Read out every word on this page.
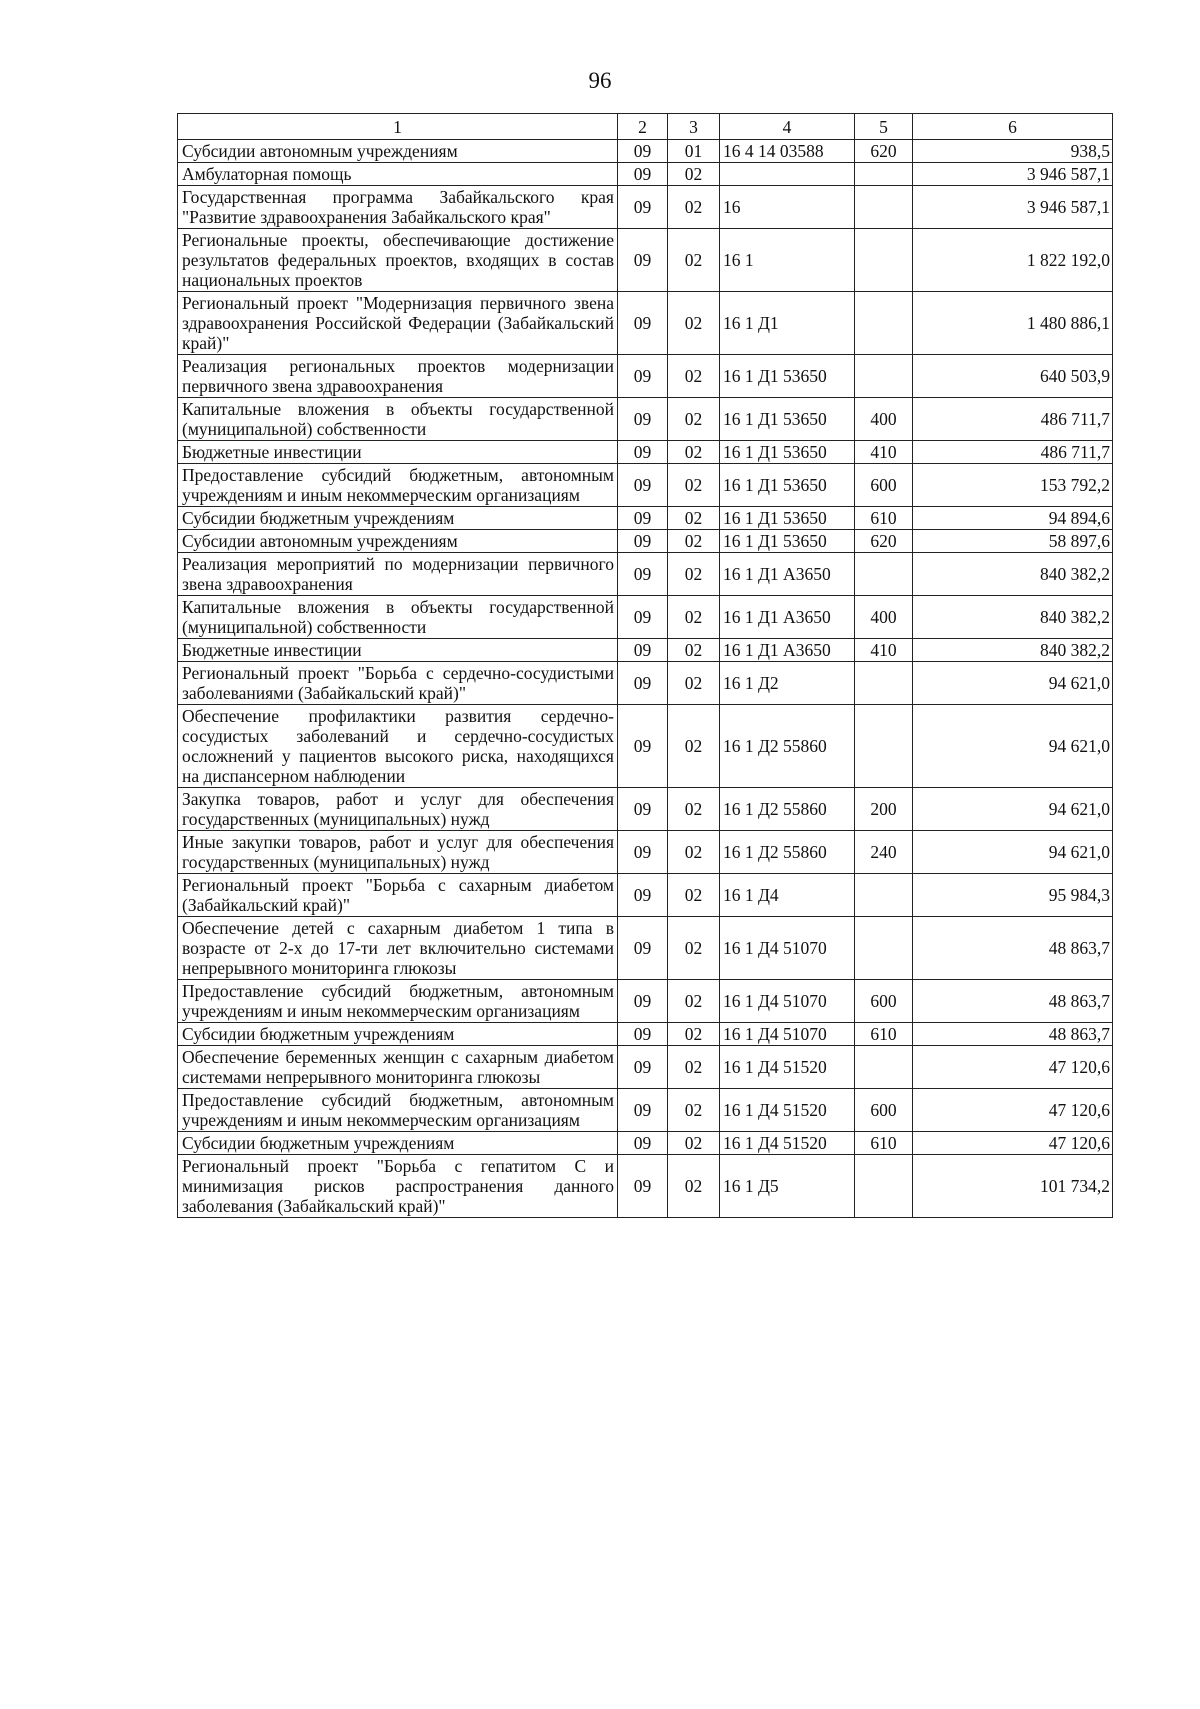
96
1	2	3	4	5	6
Субсидии автономным учреждениям	09	01	16 4 14 03588	620	938,5
Амбулаторная помощь	09	02			3 946 587,1
Государственная программа Забайкальского края "Развитие здравоохранения Забайкальского края"	09	02	16		3 946 587,1
Региональные проекты, обеспечивающие достижение результатов федеральных проектов, входящих в состав национальных проектов	09	02	16 1		1 822 192,0
Региональный проект "Модернизация первичного звена здравоохранения Российской Федерации (Забайкальский край)"	09	02	16 1 Д1		1 480 886,1
Реализация региональных проектов модернизации первичного звена здравоохранения	09	02	16 1 Д1 53650		640 503,9
Капитальные вложения в объекты государственной (муниципальной) собственности	09	02	16 1 Д1 53650	400	486 711,7
Бюджетные инвестиции	09	02	16 1 Д1 53650	410	486 711,7
Предоставление субсидий бюджетным, автономным учреждениям и иным некоммерческим организациям	09	02	16 1 Д1 53650	600	153 792,2
Субсидии бюджетным учреждениям	09	02	16 1 Д1 53650	610	94 894,6
Субсидии автономным учреждениям	09	02	16 1 Д1 53650	620	58 897,6
Реализация мероприятий по модернизации первичного звена здравоохранения	09	02	16 1 Д1 А3650		840 382,2
Капитальные вложения в объекты государственной (муниципальной) собственности	09	02	16 1 Д1 А3650	400	840 382,2
Бюджетные инвестиции	09	02	16 1 Д1 А3650	410	840 382,2
Региональный проект "Борьба с сердечно-сосудистыми заболеваниями (Забайкальский край)"	09	02	16 1 Д2		94 621,0
Обеспечение профилактики развития сердечно-сосудистых заболеваний и сердечно-сосудистых осложнений у пациентов высокого риска, находящихся на диспансерном наблюдении	09	02	16 1 Д2 55860		94 621,0
Закупка товаров, работ и услуг для обеспечения государственных (муниципальных) нужд	09	02	16 1 Д2 55860	200	94 621,0
Иные закупки товаров, работ и услуг для обеспечения государственных (муниципальных) нужд	09	02	16 1 Д2 55860	240	94 621,0
Региональный проект "Борьба с сахарным диабетом (Забайкальский край)"	09	02	16 1 Д4		95 984,3
Обеспечение детей с сахарным диабетом 1 типа в возрасте от 2-х до 17-ти лет включительно системами непрерывного мониторинга глюкозы	09	02	16 1 Д4 51070		48 863,7
Предоставление субсидий бюджетным, автономным учреждениям и иным некоммерческим организациям	09	02	16 1 Д4 51070	600	48 863,7
Субсидии бюджетным учреждениям	09	02	16 1 Д4 51070	610	48 863,7
Обеспечение беременных женщин с сахарным диабетом системами непрерывного мониторинга глюкозы	09	02	16 1 Д4 51520		47 120,6
Предоставление субсидий бюджетным, автономным учреждениям и иным некоммерческим организациям	09	02	16 1 Д4 51520	600	47 120,6
Субсидии бюджетным учреждениям	09	02	16 1 Д4 51520	610	47 120,6
Региональный проект "Борьба с гепатитом С и минимизация рисков распространения данного заболевания (Забайкальский край)"	09	02	16 1 Д5		101 734,2
